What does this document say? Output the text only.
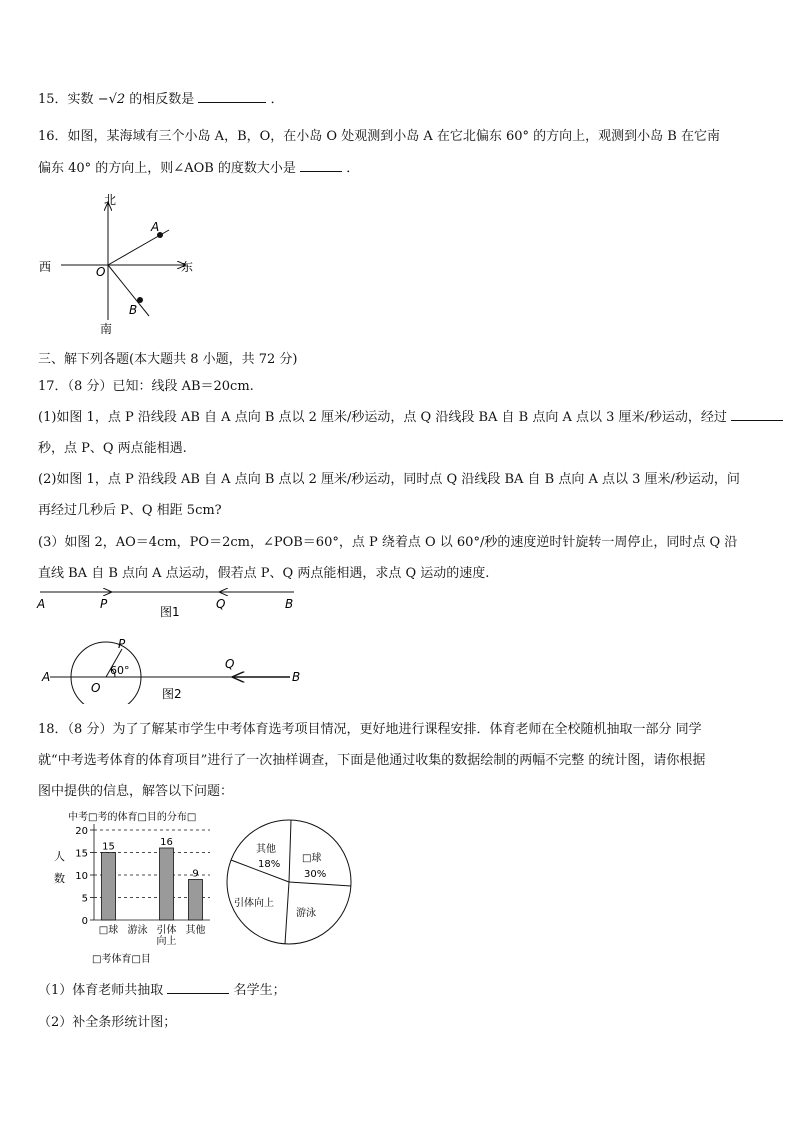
15．实数 −√2 的相反数是	．
16．如图，某海域有三个小岛 A，B，O，在小岛 O 处观测到小岛 A 在它北偏东 60° 的方向上，观测到小岛 B 在它南
偏东 40° 的方向上，则∠AOB 的度数大小是	．
北
南
东
西	O
A
B
三、解下列各题(本大题共 8 小题，共 72 分)
17．（8 分）已知：线段 AB＝20cm.
(1)如图 1，点 P 沿线段 AB 自 A 点向 B 点以 2 厘米/秒运动，点 Q 沿线段 BA 自 B 点向 A 点以 3 厘米/秒运动，经过
秒，点 P、Q 两点能相遇.
(2)如图 1，点 P 沿线段 AB 自 A 点向 B 点以 2 厘米/秒运动，同时点 Q 沿线段 BA 自 B 点向 A 点以 3 厘米/秒运动，问
再经过几秒后 P、Q 相距 5cm?
(3）如图 2，AO＝4cm，PO＝2cm，∠POB＝60°，点 P 绕着点 O 以 60°/秒的速度逆时针旋转一周停止，同时点 Q 沿
直线 BA 自 B 点向 A 点运动，假若点 P、Q 两点能相遇，求点 Q 运动的速度.
A	P	Q	B
图1
A
P
60°
O
Q
B
图2
18．（8 分）为了了解某市学生中考体育选考项目情况，更好地进行课程安排．体育老师在全校随机抽取一部分 同学
就“中考选考体育的体育项目”进行了一次抽样调查，下面是他通过收集的数据绘制的两幅不完整 的统计图，请你根据
图中提供的信息，解答以下问题：
中考□考的体育□目的分布□
0
5
10
15
20
15	16
9
□球 游泳 引体
向上
其他
人
数
□考体育□目
其他
18%
□球
30%
游泳
引体向上
（1）体育老师共抽取	名学生；
（2）补全条形统计图；
